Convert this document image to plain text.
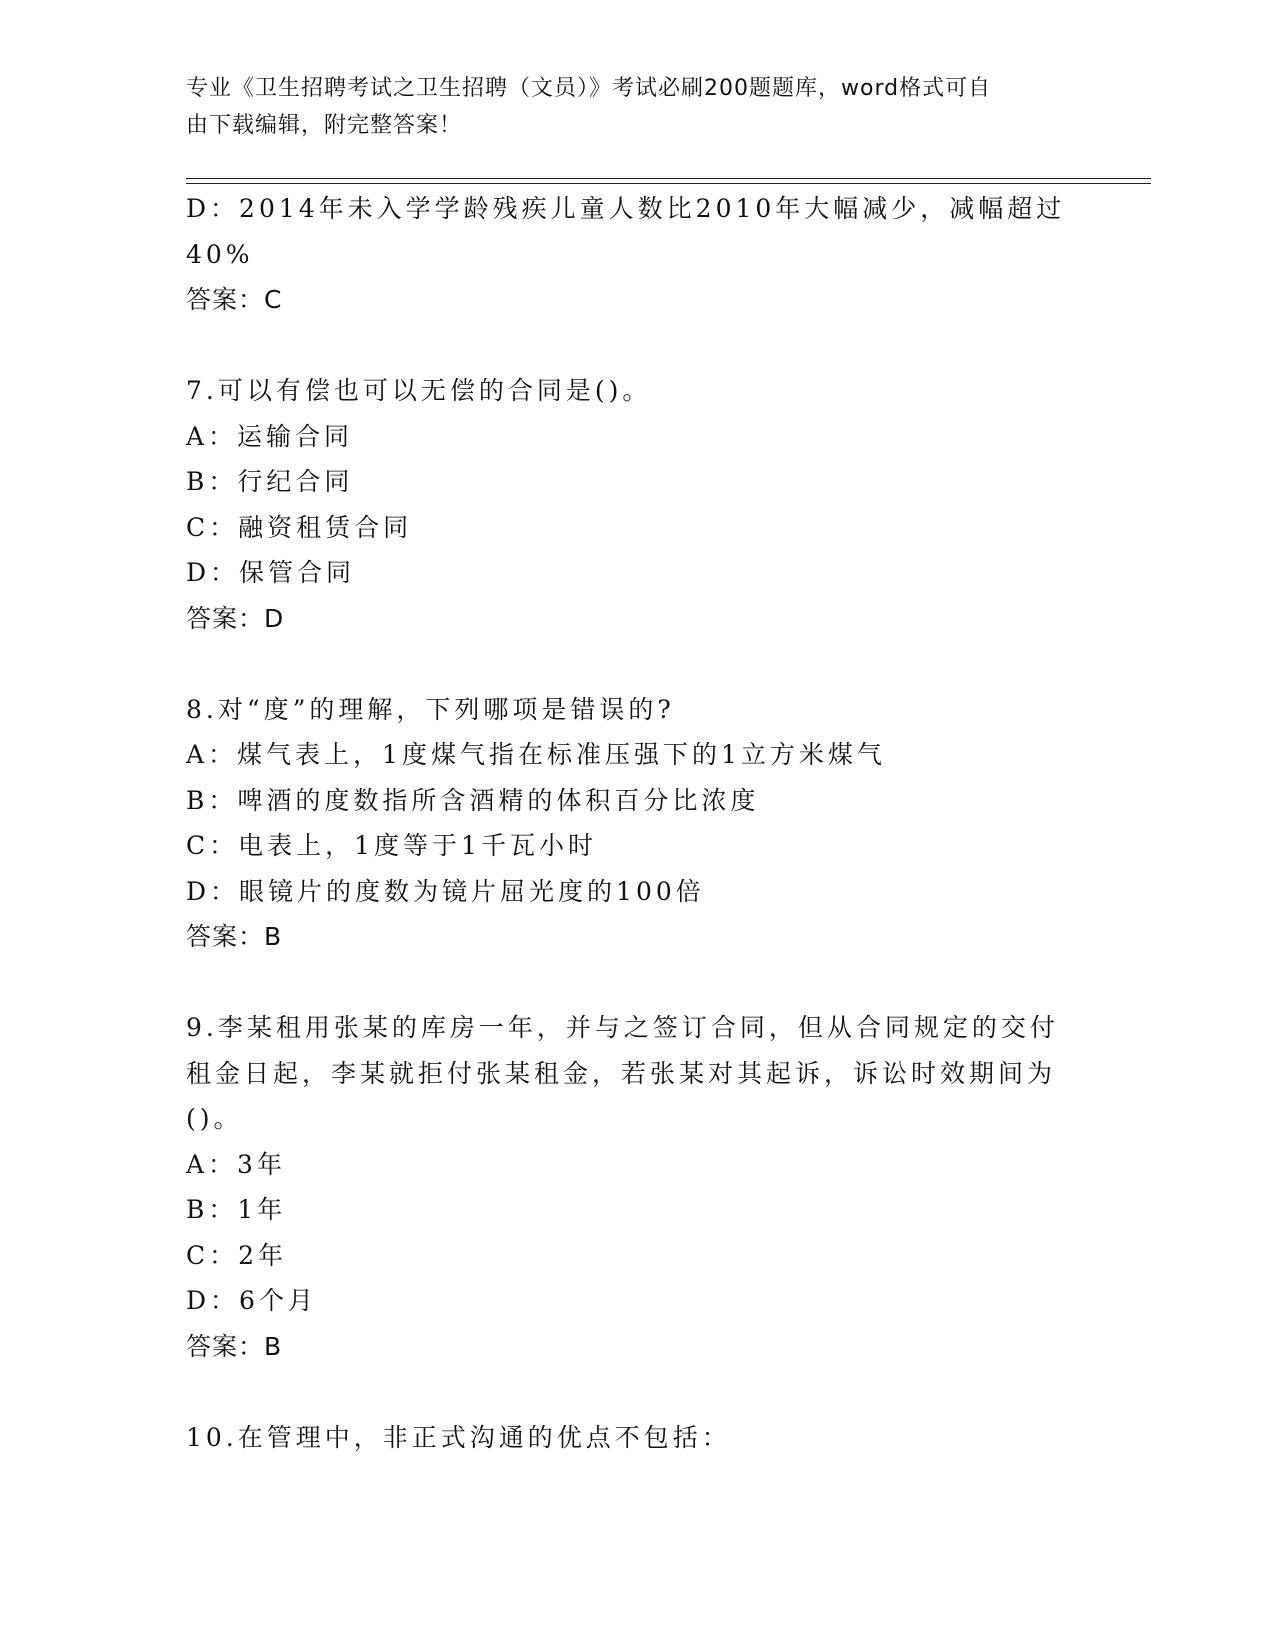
专业《卫生招聘考试之卫生招聘（文员）》考试必刷200题题库，word格式可自
由下载编辑，附完整答案！
D：2014年未入学学龄残疾儿童人数比2010年大幅减少，减幅超过
40%
答案：C
7.可以有偿也可以无偿的合同是()。
A：运输合同
B：行纪合同
C：融资租赁合同
D：保管合同
答案：D
8.对“度”的理解，下列哪项是错误的?
A：煤气表上，1度煤气指在标准压强下的1立方米煤气
B：啤酒的度数指所含酒精的体积百分比浓度
C：电表上，1度等于1千瓦小时
D：眼镜片的度数为镜片屈光度的100倍
答案：B
9.李某租用张某的库房一年，并与之签订合同，但从合同规定的交付
租金日起，李某就拒付张某租金，若张某对其起诉，诉讼时效期间为
()。
A：3年
B：1年
C：2年
D：6个月
答案：B
10.在管理中，非正式沟通的优点不包括：
